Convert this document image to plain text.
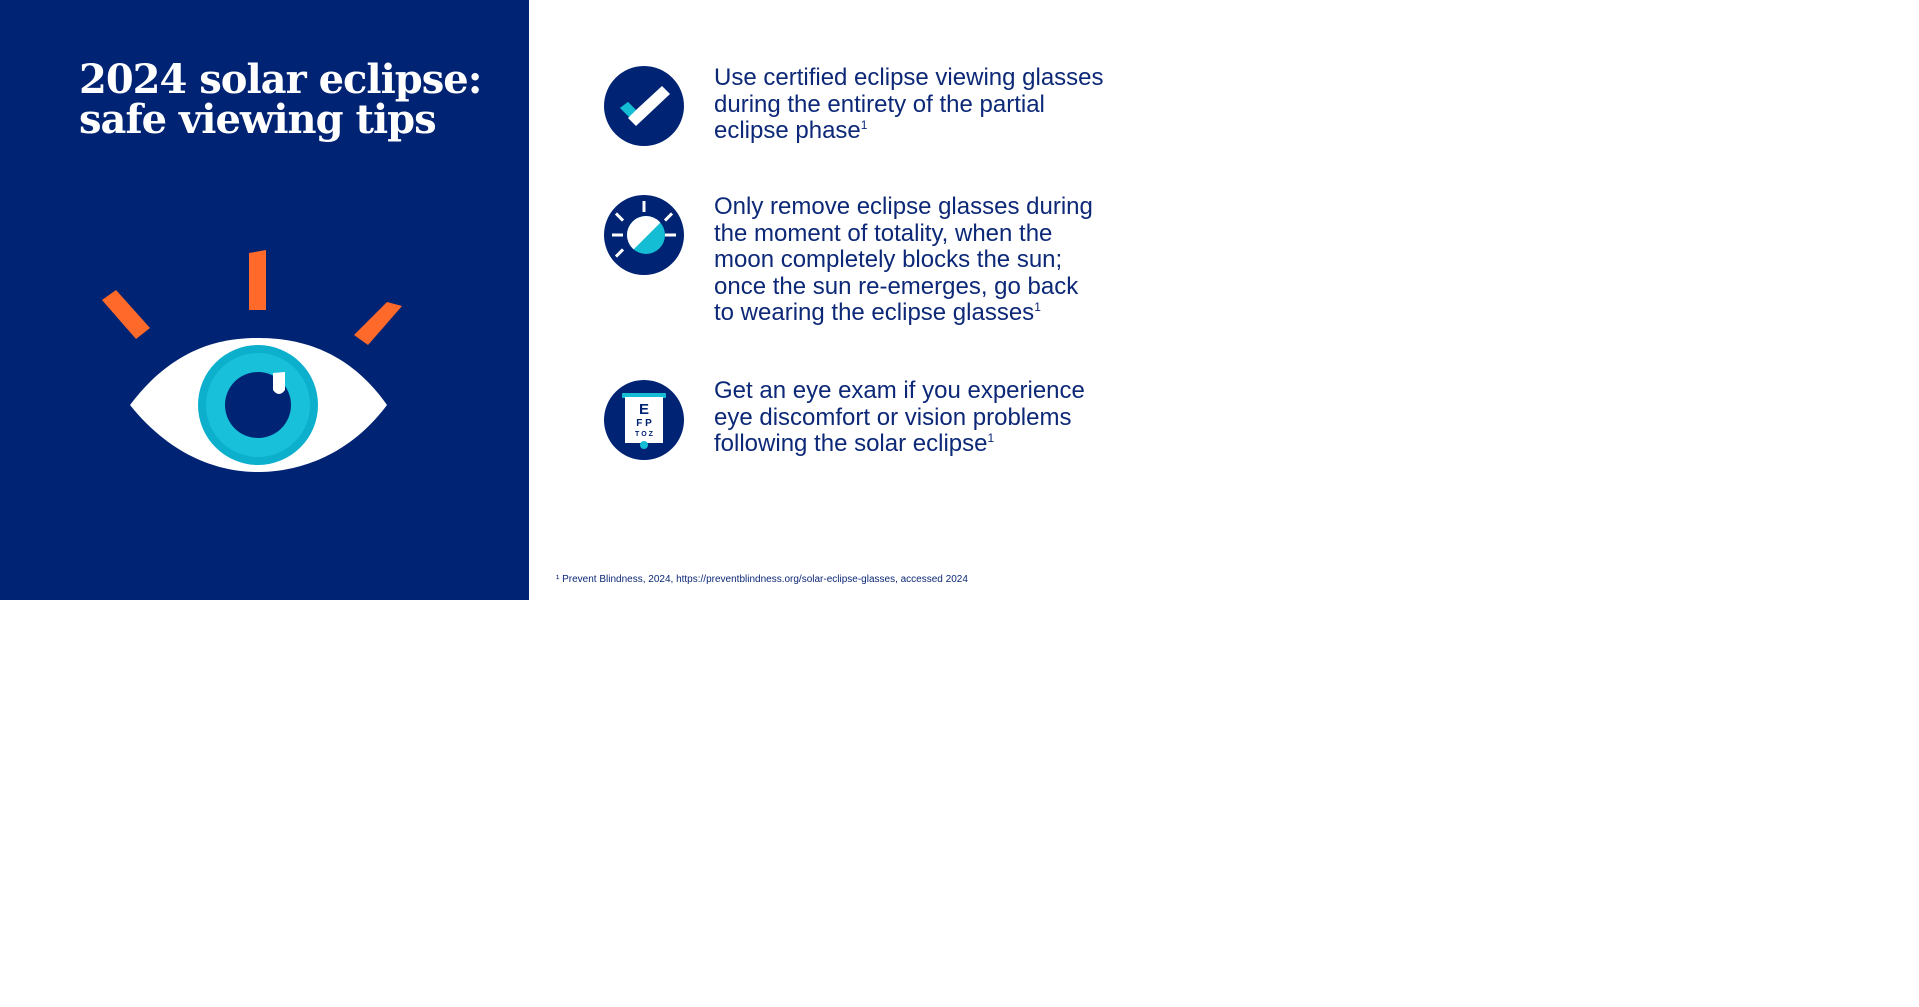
2024 solar eclipse:
safe viewing tips

Use certified eclipse viewing glasses
during the entirety of the partial
eclipse phase$^1$

Only remove eclipse glasses during
the moment of totality, when the
moon completely blocks the sun;
once the sun re-emerges, go back
to wearing the eclipse glasses$^1$

E
F P
T O Z

Get an eye exam if you experience
eye discomfort or vision problems
following the solar eclipse$^1$

¹ Prevent Blindness, 2024, https://preventblindness.org/solar-eclipse-glasses, accessed 2024
